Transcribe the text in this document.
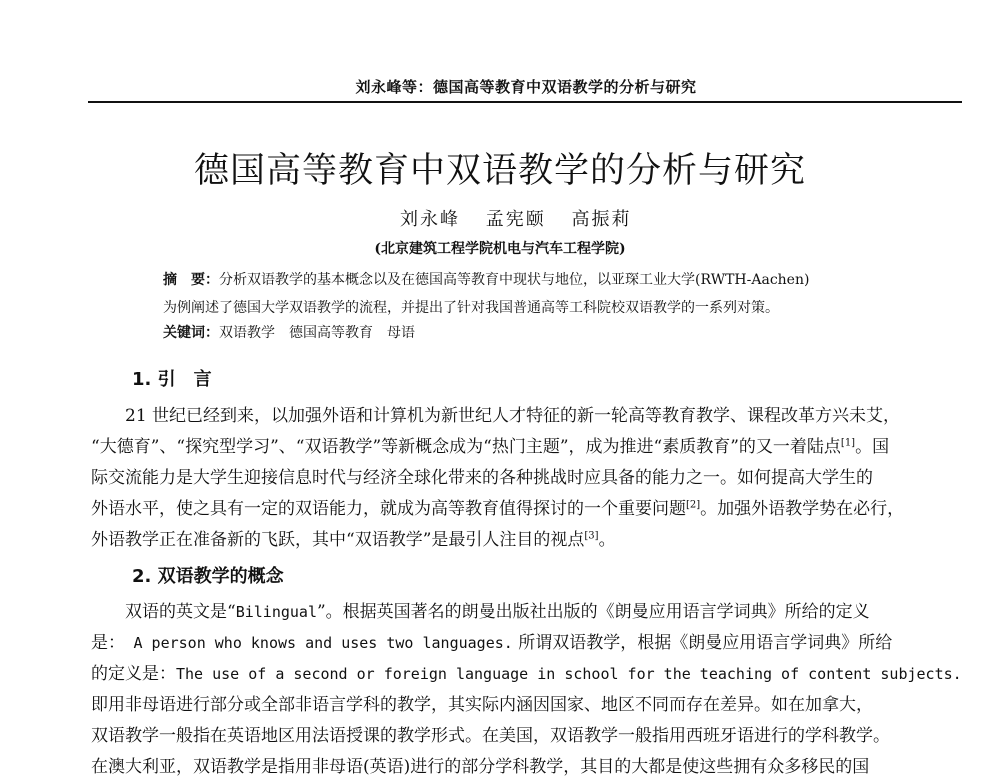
刘永峰等：德国高等教育中双语教学的分析与研究
德国高等教育中双语教学的分析与研究
刘永峰 孟宪颐 高振莉
(北京建筑工程学院机电与汽车工程学院)
摘　要：分析双语教学的基本概念以及在德国高等教育中现状与地位，以亚琛工业大学(RWTH-Aachen)
为例阐述了德国大学双语教学的流程，并提出了针对我国普通高等工科院校双语教学的一系列对策。
关键词：双语教学　德国高等教育　母语
1. 引　言
21 世纪已经到来，以加强外语和计算机为新世纪人才特征的新一轮高等教育教学、课程改革方兴未艾，
“大德育”、“探究型学习”、“双语教学”等新概念成为“热门主题”，成为推进“素质教育”的又一着陆点[1]。国
际交流能力是大学生迎接信息时代与经济全球化带来的各种挑战时应具备的能力之一。如何提高大学生的
外语水平，使之具有一定的双语能力，就成为高等教育值得探讨的一个重要问题[2]。加强外语教学势在必行，
外语教学正在准备新的飞跃，其中“双语教学”是最引人注目的视点[3]。
2. 双语教学的概念
双语的英文是“Bilingual”。根据英国著名的朗曼出版社出版的《朗曼应用语言学词典》所给的定义
是：　A person who knows and uses two languages. 所谓双语教学，根据《朗曼应用语言学词典》所给
的定义是：The use of a second or foreign language in school for the teaching of content subjects.
即用非母语进行部分或全部非语言学科的教学，其实际内涵因国家、地区不同而存在差异。如在加拿大，
双语教学一般指在英语地区用法语授课的教学形式。在美国，双语教学一般指用西班牙语进行的学科教学。
在澳大利亚，双语教学是指用非母语(英语)进行的部分学科教学，其目的大都是使这些拥有众多移民的国
